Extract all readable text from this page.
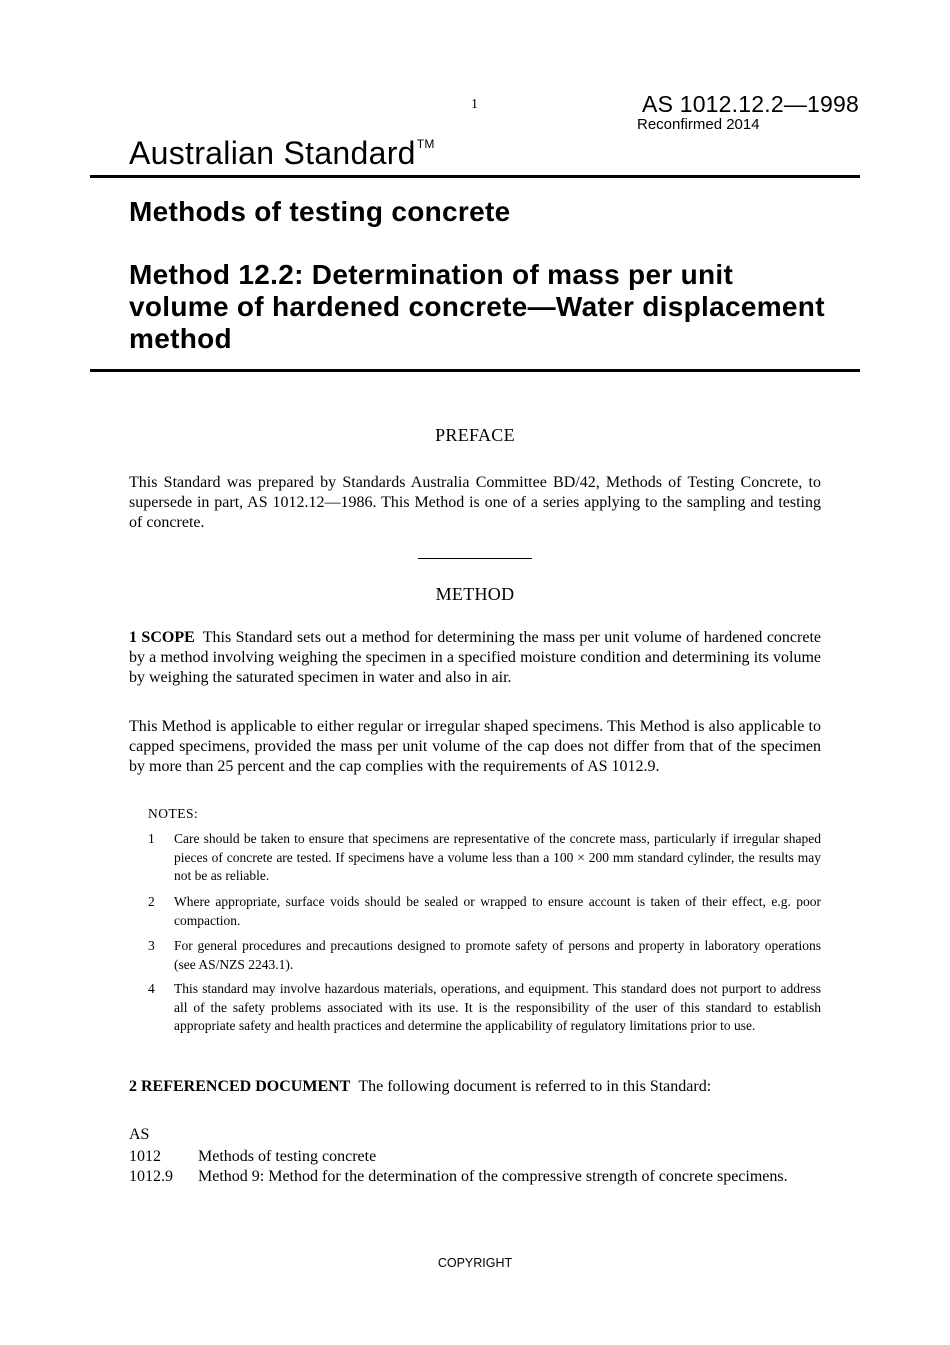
1	AS 1012.12.2—1998
Reconfirmed 2014
Australian Standard™
Methods of testing concrete
Method 12.2: Determination of mass per unit volume of hardened concrete—Water displacement method
PREFACE
This Standard was prepared by Standards Australia Committee BD/42, Methods of Testing Concrete, to supersede in part, AS 1012.12—1986. This Method is one of a series applying to the sampling and testing of concrete.
METHOD
1 SCOPE This Standard sets out a method for determining the mass per unit volume of hardened concrete by a method involving weighing the specimen in a specified moisture condition and determining its volume by weighing the saturated specimen in water and also in air.
This Method is applicable to either regular or irregular shaped specimens. This Method is also applicable to capped specimens, provided the mass per unit volume of the cap does not differ from that of the specimen by more than 25 percent and the cap complies with the requirements of AS 1012.9.
NOTES:
1 Care should be taken to ensure that specimens are representative of the concrete mass, particularly if irregular shaped pieces of concrete are tested. If specimens have a volume less than a 100 × 200 mm standard cylinder, the results may not be as reliable.
2 Where appropriate, surface voids should be sealed or wrapped to ensure account is taken of their effect, e.g. poor compaction.
3 For general procedures and precautions designed to promote safety of persons and property in laboratory operations (see AS/NZS 2243.1).
4 This standard may involve hazardous materials, operations, and equipment. This standard does not purport to address all of the safety problems associated with its use. It is the responsibility of the user of this standard to establish appropriate safety and health practices and determine the applicability of regulatory limitations prior to use.
2 REFERENCED DOCUMENT The following document is referred to in this Standard:
AS
1012 Methods of testing concrete
1012.9 Method 9: Method for the determination of the compressive strength of concrete specimens.
COPYRIGHT
